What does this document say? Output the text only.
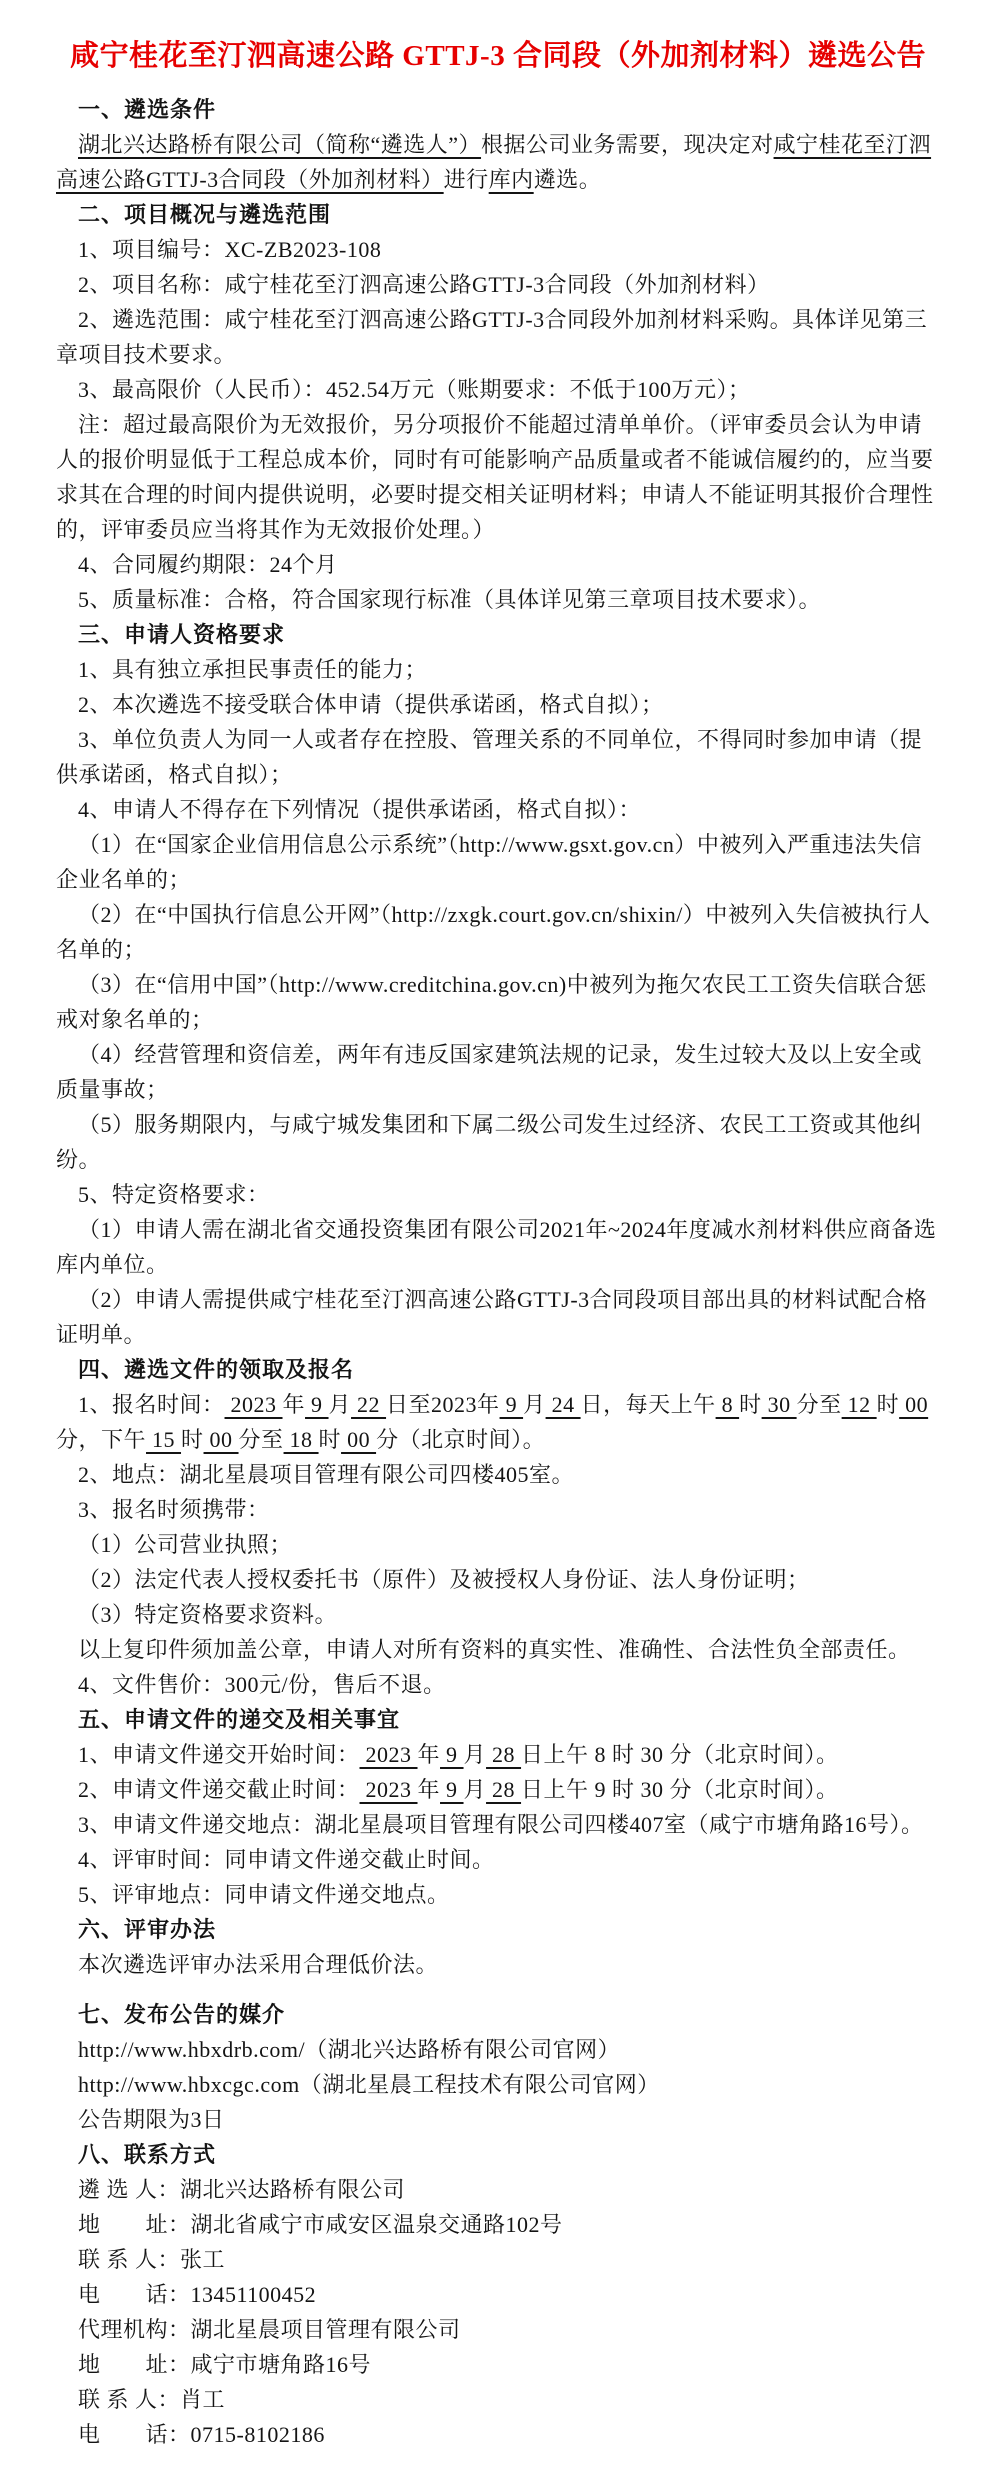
咸宁桂花至汀泗高速公路 GTTJ-3 合同段（外加剂材料）遴选公告

一、遴选条件

湖北兴达路桥有限公司（简称“遴选人”）根据公司业务需要，现决定对咸宁桂花至汀泗高速公路GTTJ-3合同段（外加剂材料）进行库内遴选。

二、项目概况与遴选范围

1、项目编号：XC-ZB2023-108

2、项目名称：咸宁桂花至汀泗高速公路GTTJ-3合同段（外加剂材料）

2、遴选范围：咸宁桂花至汀泗高速公路GTTJ-3合同段外加剂材料采购。具体详见第三章项目技术要求。

3、最高限价（人民币）：452.54万元（账期要求：不低于100万元）；

注：超过最高限价为无效报价，另分项报价不能超过清单单价。（评审委员会认为申请人的报价明显低于工程总成本价，同时有可能影响产品质量或者不能诚信履约的，应当要求其在合理的时间内提供说明，必要时提交相关证明材料；申请人不能证明其报价合理性的，评审委员应当将其作为无效报价处理。）

4、合同履约期限：24个月

5、质量标准：合格，符合国家现行标准（具体详见第三章项目技术要求）。

三、申请人资格要求

1、具有独立承担民事责任的能力；

2、本次遴选不接受联合体申请（提供承诺函，格式自拟）；

3、单位负责人为同一人或者存在控股、管理关系的不同单位，不得同时参加申请（提供承诺函，格式自拟）；

4、申请人不得存在下列情况（提供承诺函，格式自拟）：

（1）在“国家企业信用信息公示系统”（http://www.gsxt.gov.cn）中被列入严重违法失信企业名单的；

（2）在“中国执行信息公开网”（http://zxgk.court.gov.cn/shixin/）中被列入失信被执行人名单的；

（3）在“信用中国”（http://www.creditchina.gov.cn)中被列为拖欠农民工工资失信联合惩戒对象名单的；

（4）经营管理和资信差，两年有违反国家建筑法规的记录，发生过较大及以上安全或质量事故；

（5）服务期限内，与咸宁城发集团和下属二级公司发生过经济、农民工工资或其他纠纷。

5、特定资格要求：

（1）申请人需在湖北省交通投资集团有限公司2021年~2024年度减水剂材料供应商备选库内单位。

（2）申请人需提供咸宁桂花至汀泗高速公路GTTJ-3合同段项目部出具的材料试配合格证明单。

四、遴选文件的领取及报名

1、报名时间： 2023 年 9 月 22 日至2023年 9 月 24 日，每天上午 8 时 30 分至 12 时 00 分，下午 15 时 00 分至 18 时 00 分（北京时间）。

2、地点：湖北星晨项目管理有限公司四楼405室。

3、报名时须携带：

（1）公司营业执照；

（2）法定代表人授权委托书（原件）及被授权人身份证、法人身份证明；

（3）特定资格要求资料。

以上复印件须加盖公章，申请人对所有资料的真实性、准确性、合法性负全部责任。

4、文件售价：300元/份，售后不退。

五、申请文件的递交及相关事宜

1、申请文件递交开始时间： 2023 年 9 月 28 日上午 8 时 30 分（北京时间）。

2、申请文件递交截止时间： 2023 年 9 月 28 日上午 9 时 30 分（北京时间）。

3、申请文件递交地点：湖北星晨项目管理有限公司四楼407室（咸宁市塘角路16号）。

4、评审时间：同申请文件递交截止时间。

5、评审地点：同申请文件递交地点。

六、评审办法

本次遴选评审办法采用合理低价法。

七、发布公告的媒介

http://www.hbxdrb.com/（湖北兴达路桥有限公司官网）

http://www.hbxcgc.com（湖北星晨工程技术有限公司官网）

公告期限为3日

八、联系方式

遴 选 人：湖北兴达路桥有限公司

地　　址：湖北省咸宁市咸安区温泉交通路102号

联 系 人：张工

电　　话：13451100452

代理机构：湖北星晨项目管理有限公司

地　　址：咸宁市塘角路16号

联 系 人：肖工

电　　话：0715-8102186
